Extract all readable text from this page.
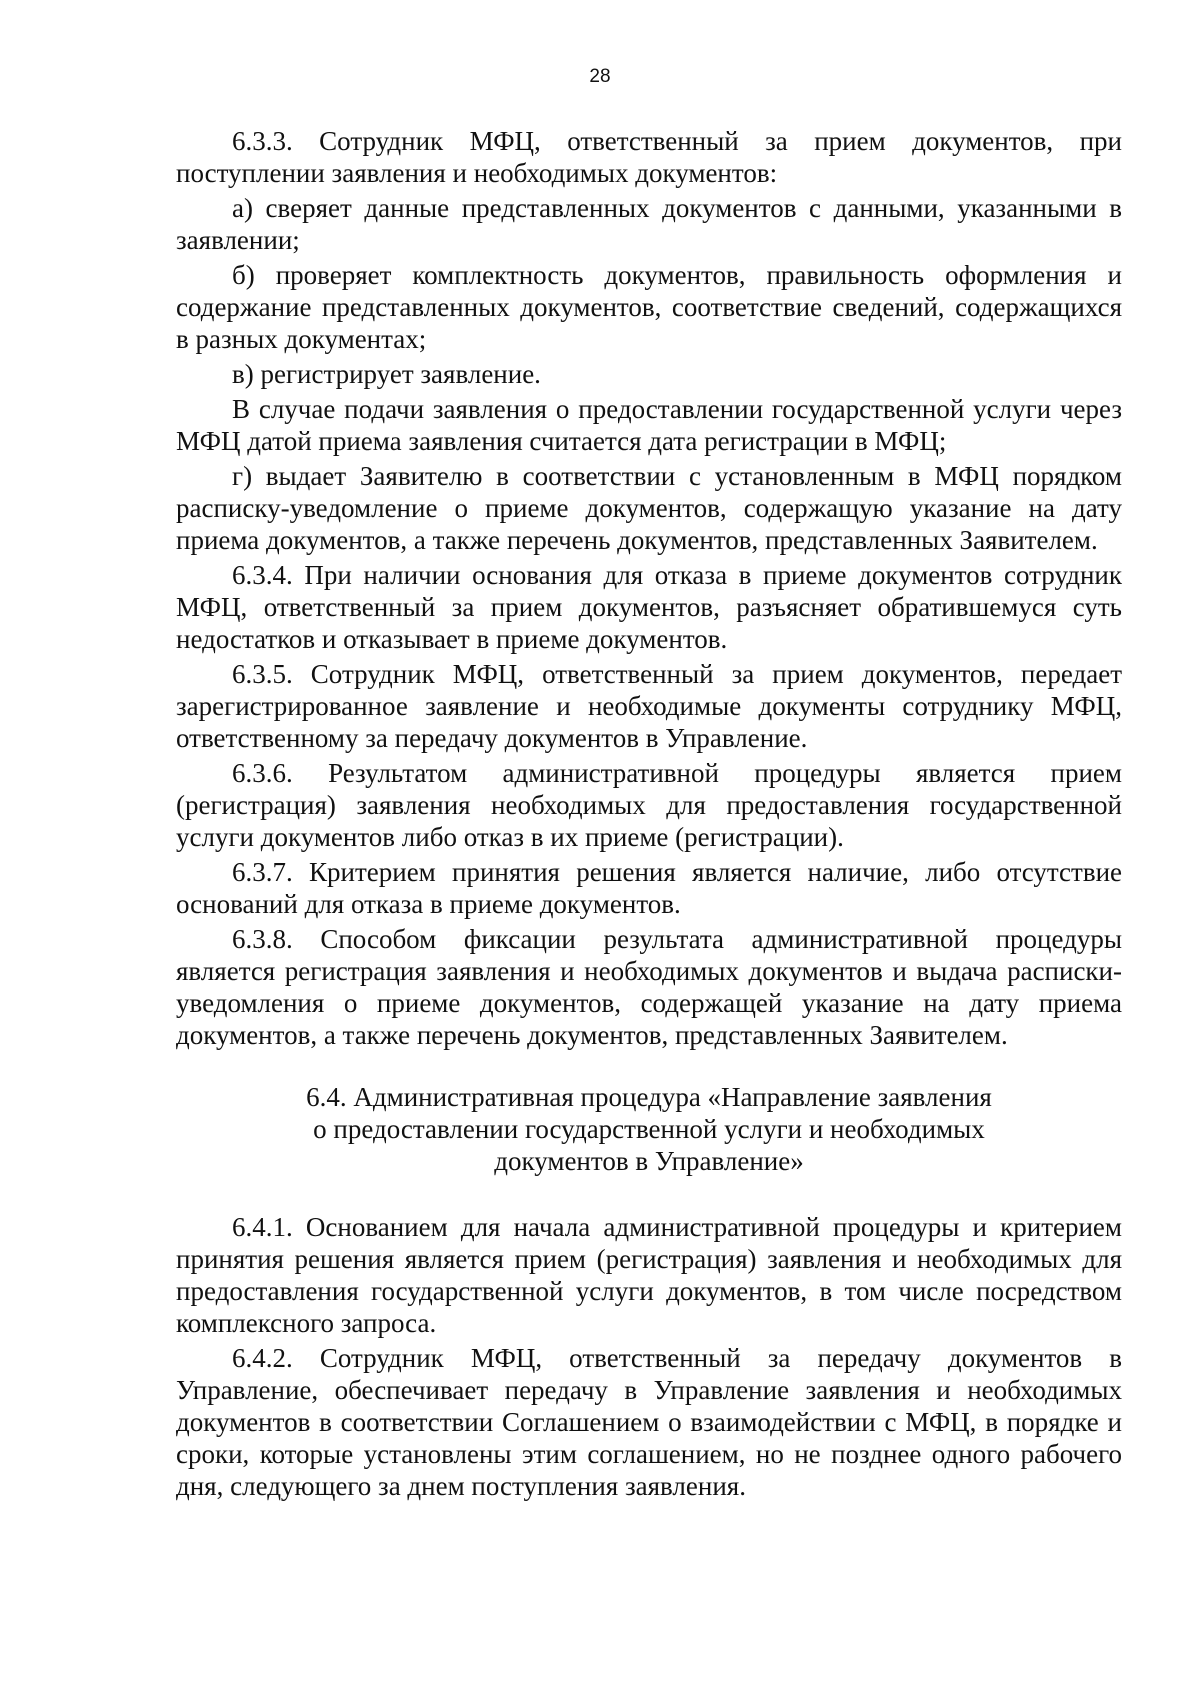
28

6.3.3. Сотрудник МФЦ, ответственный за прием документов, при поступлении заявления и необходимых документов:

а) сверяет данные представленных документов с данными, указанными в заявлении;

б) проверяет комплектность документов, правильность оформления и содержание представленных документов, соответствие сведений, содержащихся в разных документах;

в) регистрирует заявление.

В случае подачи заявления о предоставлении государственной услуги через МФЦ датой приема заявления считается дата регистрации в МФЦ;

г) выдает Заявителю в соответствии с установленным в МФЦ порядком расписку-уведомление о приеме документов, содержащую указание на дату приема документов, а также перечень документов, представленных Заявителем.

6.3.4. При наличии основания для отказа в приеме документов сотрудник МФЦ, ответственный за прием документов, разъясняет обратившемуся суть недостатков и отказывает в приеме документов.

6.3.5. Сотрудник МФЦ, ответственный за прием документов, передает зарегистрированное заявление и необходимые документы сотруднику МФЦ, ответственному за передачу документов в Управление.

6.3.6. Результатом административной процедуры является прием (регистрация) заявления необходимых для предоставления государственной услуги документов либо отказ в их приеме (регистрации).

6.3.7. Критерием принятия решения является наличие, либо отсутствие оснований для отказа в приеме документов.

6.3.8. Способом фиксации результата административной процедуры является регистрация заявления и необходимых документов и выдача расписки-уведомления о приеме документов, содержащей указание на дату приема документов, а также перечень документов, представленных Заявителем.

6.4. Административная процедура «Направление заявления
о предоставлении государственной услуги и необходимых
документов в Управление»

6.4.1. Основанием для начала административной процедуры и критерием принятия решения является прием (регистрация) заявления и необходимых для предоставления государственной услуги документов, в том числе посредством комплексного запроса.

6.4.2. Сотрудник МФЦ, ответственный за передачу документов в Управление, обеспечивает передачу в Управление заявления и необходимых документов в соответствии Соглашением о взаимодействии с МФЦ, в порядке и сроки, которые установлены этим соглашением, но не позднее одного рабочего дня, следующего за днем поступления заявления.
